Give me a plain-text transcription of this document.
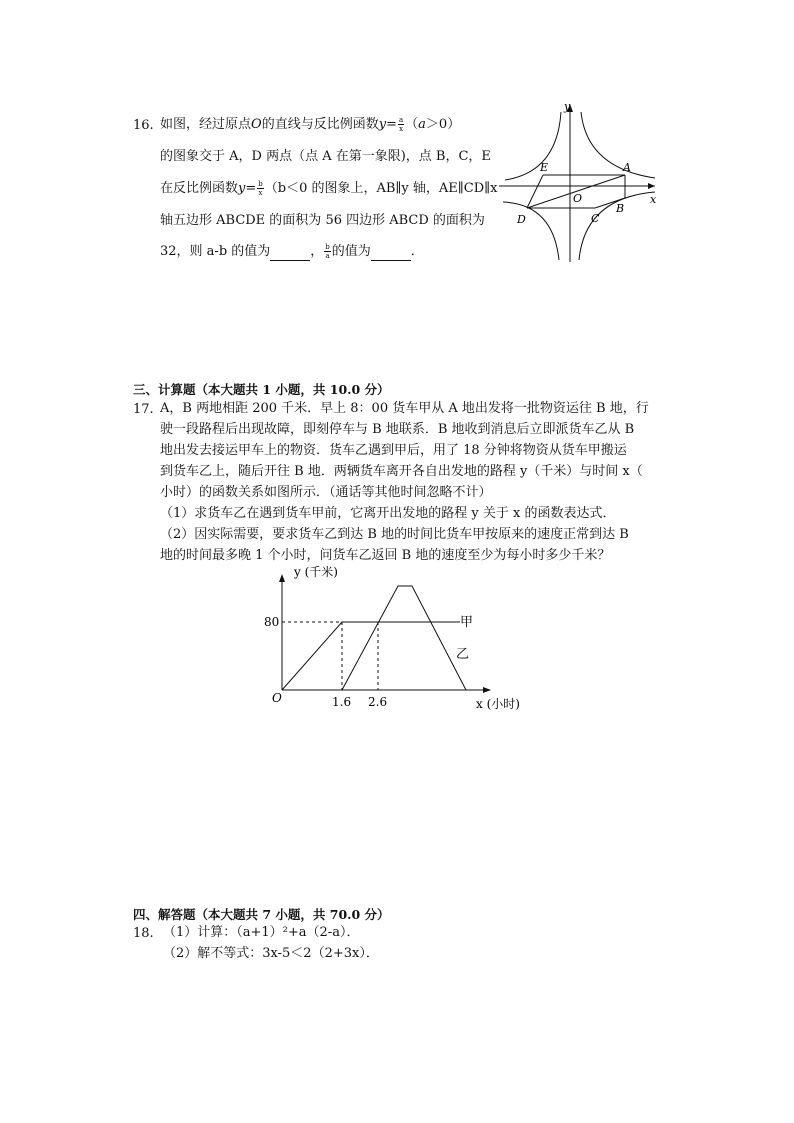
16. 如图，经过原点O的直线与反比例函数$y= \frac{a}{x} (a>0)$
的图象交于 A，D 两点（点 A 在第一象限)，点 B，C，E
在反比例函数$y= \frac{b}{x} (b<0$ 的图象上，AB∥y 轴，AE∥CD∥x
轴五边形 ABCDE 的面积为 56 四边形 ABCD 的面积为
32，则 a-b 的值为	， $\frac{b}{a}$ 的值为	．
y
x
O
A
B
C
D
E
三、计算题（本大题共 1 小题，共 10.0 分）
17. A，B 两地相距 200 千米．早上 8：00 货车甲从 A 地出发将一批物资运往 B 地，行
驶一段路程后出现故障，即刻停车与 B 地联系．B 地收到消息后立即派货车乙从 B
地出发去接运甲车上的物资．货车乙遇到甲后，用了 18 分钟将物资从货车甲搬运
到货车乙上，随后开往 B 地．两辆货车离开各自出发地的路程 y（千米）与时间 x（
小时）的函数关系如图所示．（通话等其他时间忽略不计）
（1）求货车乙在遇到货车甲前，它离开出发地的路程 y 关于 x 的函数表达式．
（2）因实际需要，要求货车乙到达 B 地的时间比货车甲按原来的速度正常到达 B
地的时间最多晚 1 个小时，问货车乙返回 B 地的速度至少为每小时多少千米？
y (千米)
x (小时)
O
80
1.6 2.6
甲
乙
四、解答题（本大题共 7 小题，共 70.0 分）
18. （1）计算：（a+1）²+a（2-a）．
（2）解不等式：3x-5＜2（2+3x）．
